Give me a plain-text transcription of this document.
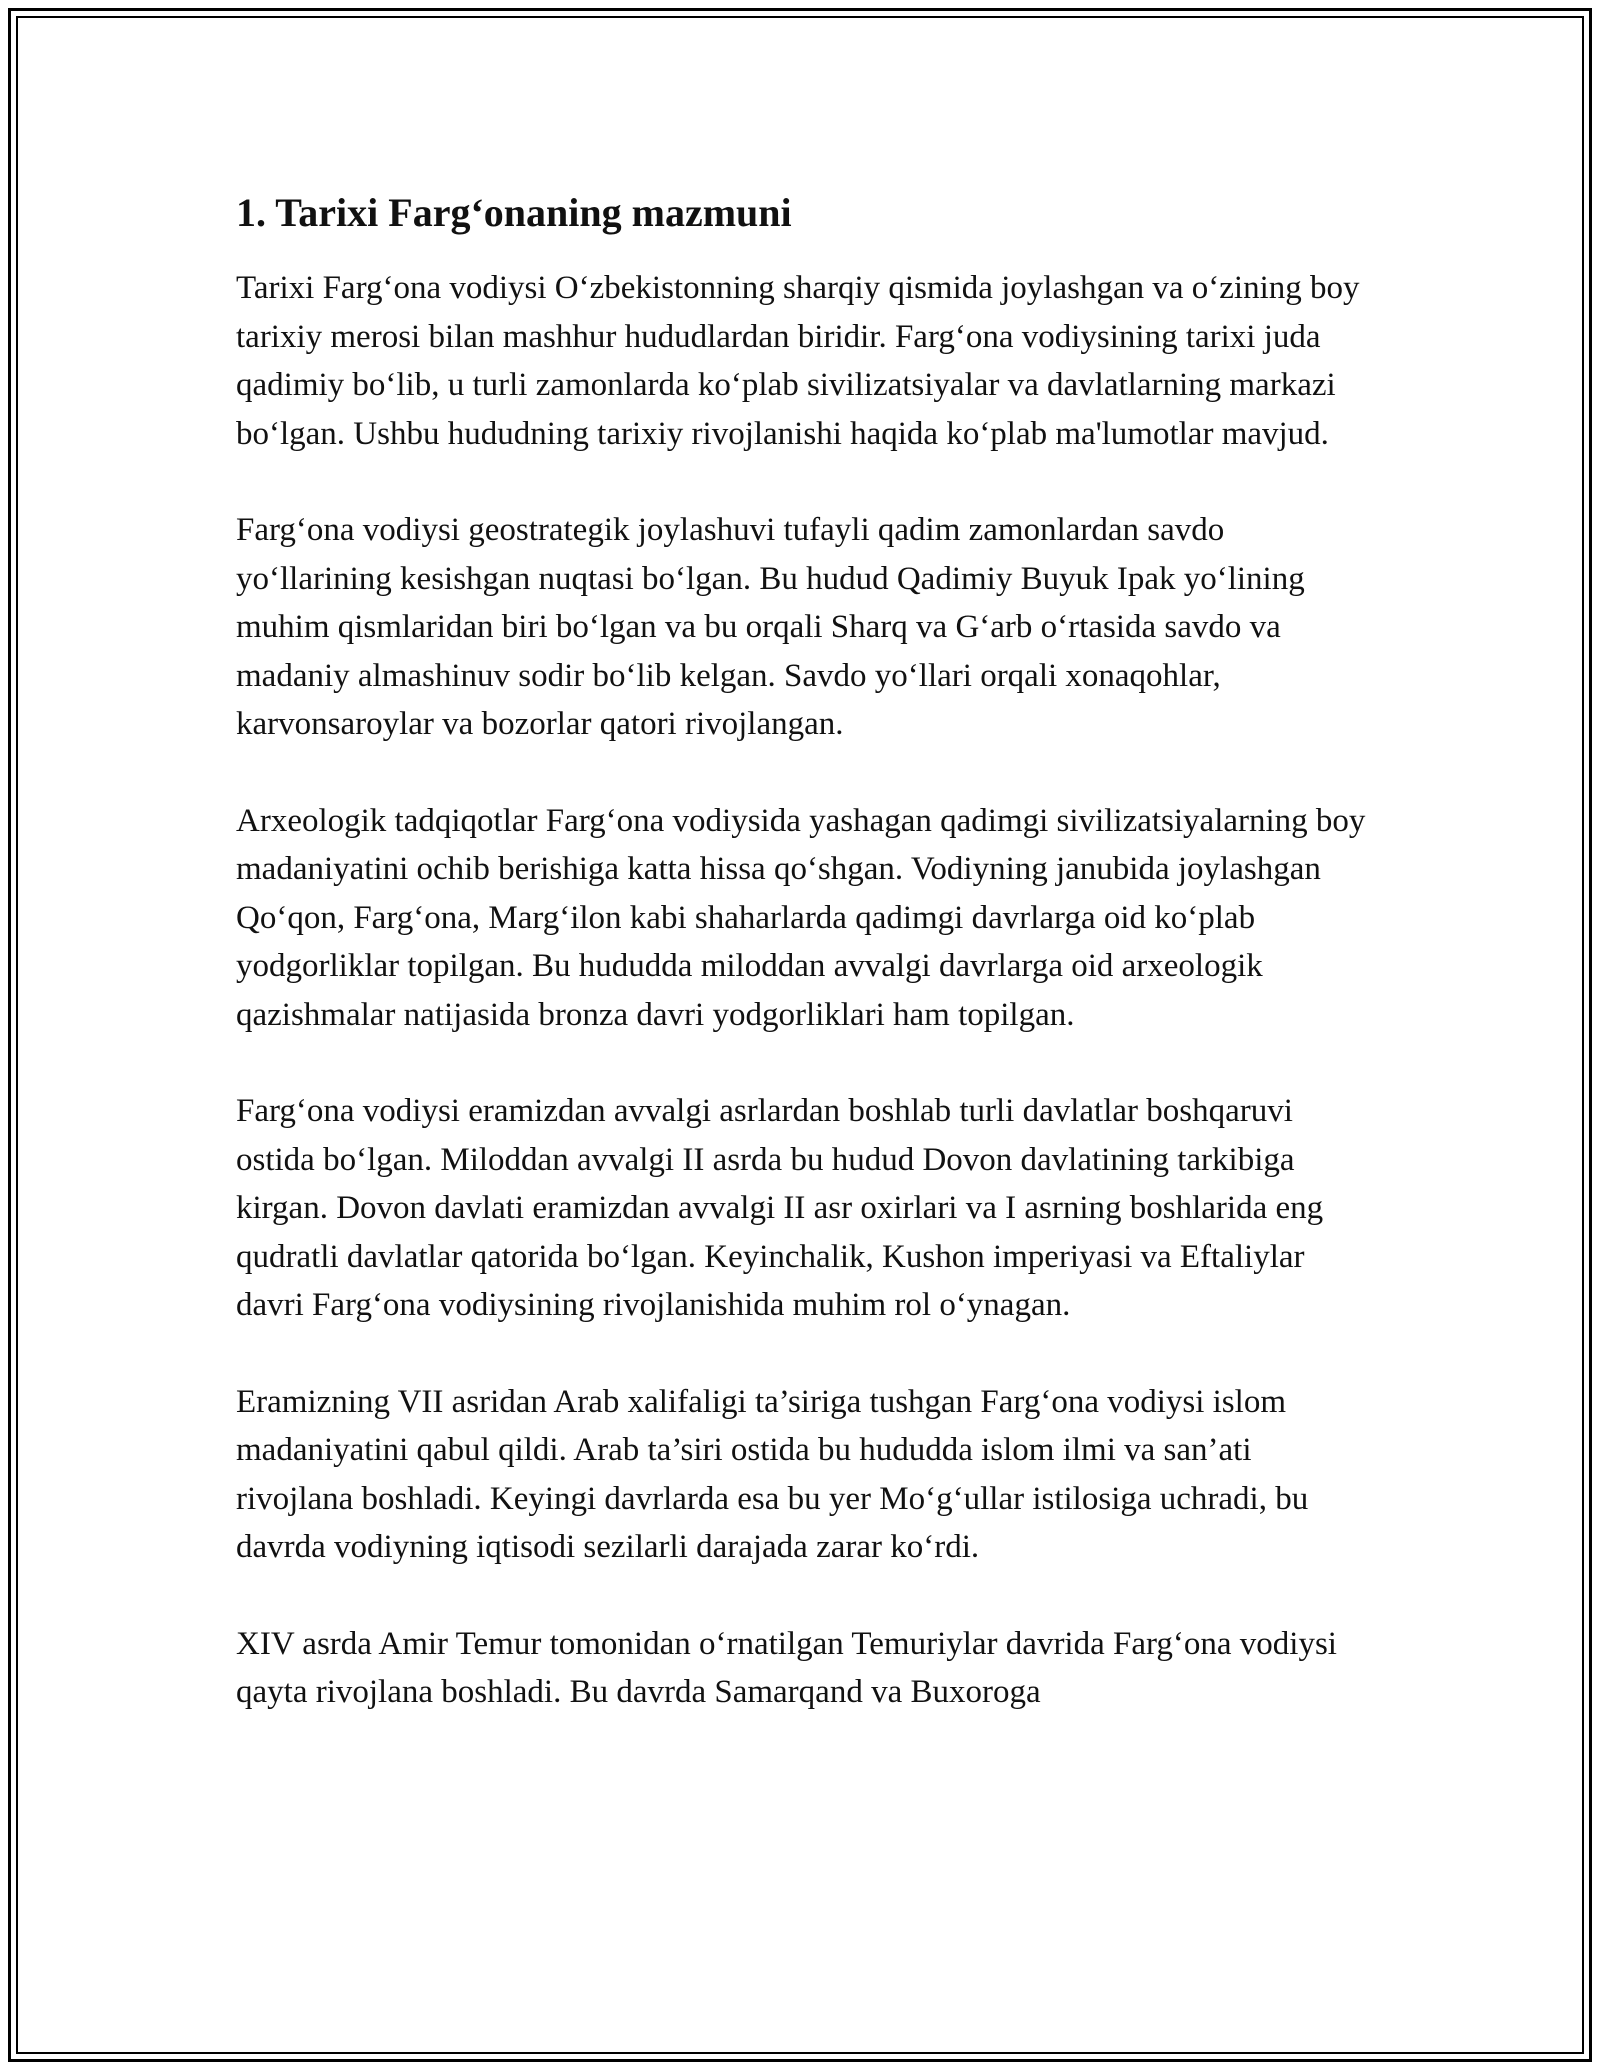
1. Tarixi Farg‘onaning mazmuni

Tarixi Farg‘ona vodiysi O‘zbekistonning sharqiy qismida joylashgan va o‘zining boy tarixiy merosi bilan mashhur hududlardan biridir. Farg‘ona vodiysining tarixi juda qadimiy bo‘lib, u turli zamonlarda ko‘plab sivilizatsiyalar va davlatlarning markazi bo‘lgan. Ushbu hududning tarixiy rivojlanishi haqida ko‘plab ma'lumotlar mavjud.

Farg‘ona vodiysi geostrategik joylashuvi tufayli qadim zamonlardan savdo yo‘llarining kesishgan nuqtasi bo‘lgan. Bu hudud Qadimiy Buyuk Ipak yo‘lining muhim qismlaridan biri bo‘lgan va bu orqali Sharq va G‘arb o‘rtasida savdo va madaniy almashinuv sodir bo‘lib kelgan. Savdo yo‘llari orqali xonaqohlar, karvonsaroylar va bozorlar qatori rivojlangan.

Arxeologik tadqiqotlar Farg‘ona vodiysida yashagan qadimgi sivilizatsiyalarning boy madaniyatini ochib berishiga katta hissa qo‘shgan. Vodiyning janubida joylashgan Qo‘qon, Farg‘ona, Marg‘ilon kabi shaharlarda qadimgi davrlarga oid ko‘plab yodgorliklar topilgan. Bu hududda miloddan avvalgi davrlarga oid arxeologik qazishmalar natijasida bronza davri yodgorliklari ham topilgan.

Farg‘ona vodiysi eramizdan avvalgi asrlardan boshlab turli davlatlar boshqaruvi ostida bo‘lgan. Miloddan avvalgi II asrda bu hudud Dovon davlatining tarkibiga kirgan. Dovon davlati eramizdan avvalgi II asr oxirlari va I asrning boshlarida eng qudratli davlatlar qatorida bo‘lgan. Keyinchalik, Kushon imperiyasi va Eftaliylar davri Farg‘ona vodiysining rivojlanishida muhim rol o‘ynagan.

Eramizning VII asridan Arab xalifaligi ta’siriga tushgan Farg‘ona vodiysi islom madaniyatini qabul qildi. Arab ta’siri ostida bu hududda islom ilmi va san’ati rivojlana boshladi. Keyingi davrlarda esa bu yer Mo‘g‘ullar istilosiga uchradi, bu davrda vodiyning iqtisodi sezilarli darajada zarar ko‘rdi.

XIV asrda Amir Temur tomonidan o‘rnatilgan Temuriylar davrida Farg‘ona vodiysi qayta rivojlana boshladi. Bu davrda Samarqand va Buxoroga
